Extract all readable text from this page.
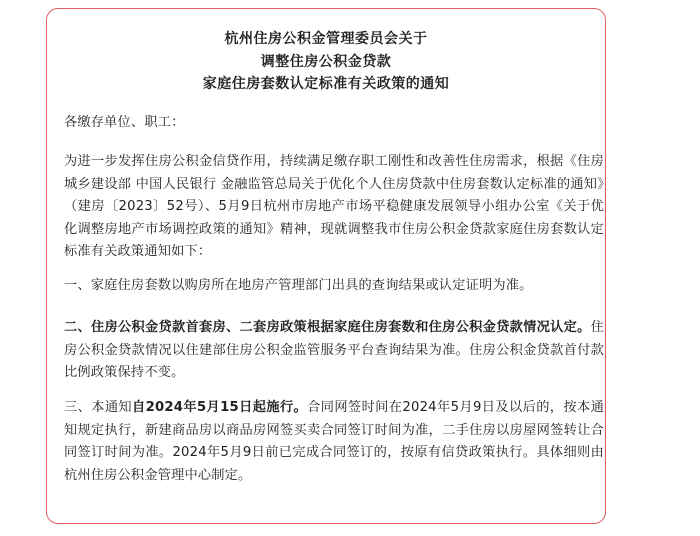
杭州住房公积金管理委员会关于
调整住房公积金贷款
家庭住房套数认定标准有关政策的通知

各缴存单位、职工：

为进一步发挥住房公积金信贷作用，持续满足缴存职工刚性和改善性住房需求，根据《住房城乡建设部 中国人民银行 金融监管总局关于优化个人住房贷款中住房套数认定标准的通知》（建房〔2023〕52号）、5月9日杭州市房地产市场平稳健康发展领导小组办公室《关于优化调整房地产市场调控政策的通知》精神，现就调整我市住房公积金贷款家庭住房套数认定标准有关政策通知如下：

一、家庭住房套数以购房所在地房产管理部门出具的查询结果或认定证明为准。

二、住房公积金贷款首套房、二套房政策根据家庭住房套数和住房公积金贷款情况认定。住房公积金贷款情况以住建部住房公积金监管服务平台查询结果为准。住房公积金贷款首付款比例政策保持不变。

三、本通知自2024年5月15日起施行。合同网签时间在2024年5月9日及以后的，按本通知规定执行，新建商品房以商品房网签买卖合同签订时间为准，二手住房以房屋网签转让合同签订时间为准。2024年5月9日前已完成合同签订的，按原有信贷政策执行。具体细则由杭州住房公积金管理中心制定。
